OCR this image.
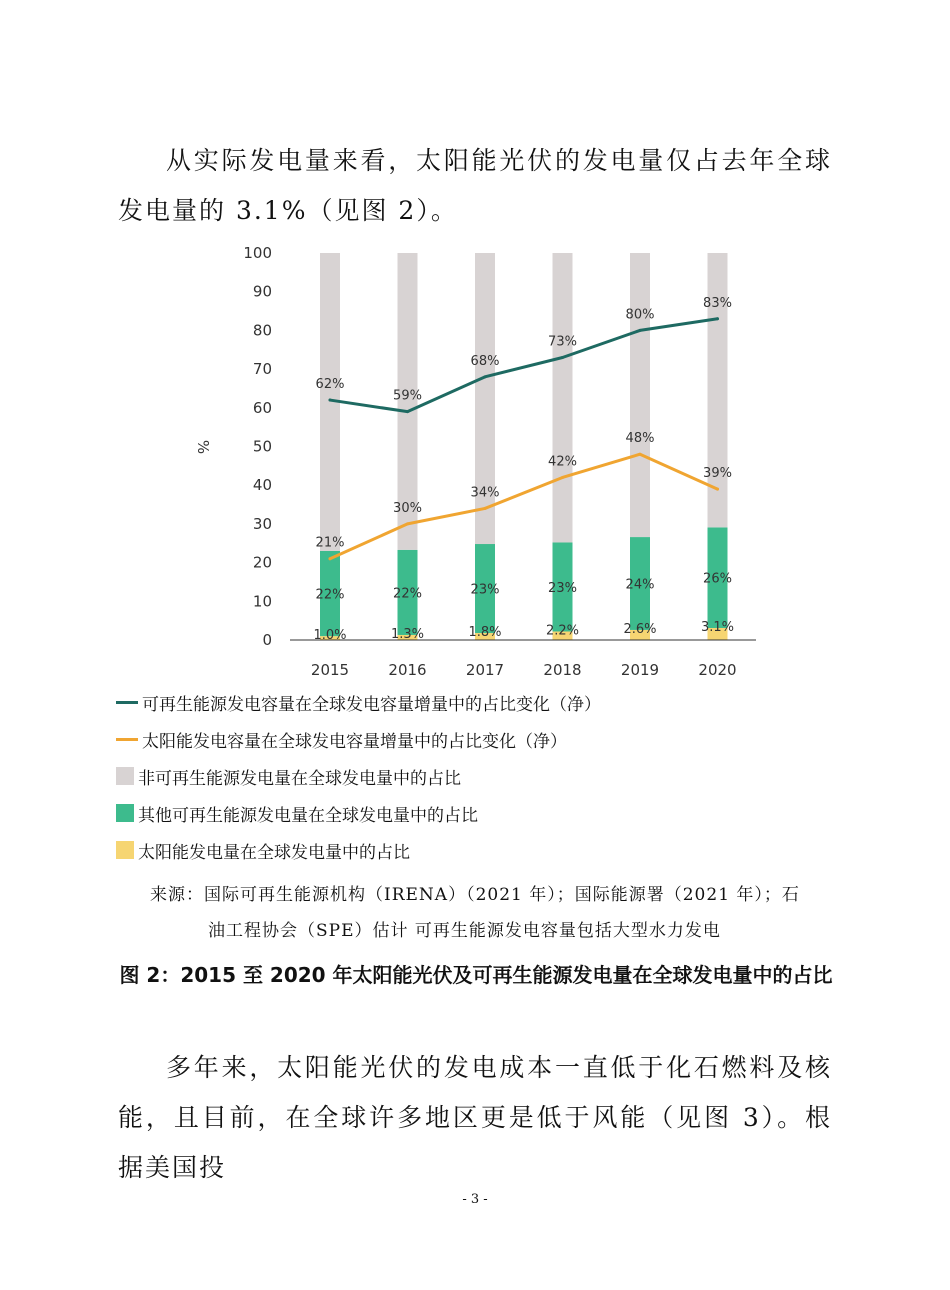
从实际发电量来看，太阳能光伏的发电量仅占去年全球发电量的 3.1%（见图 2）。

1.0%
22%
1.3%
22%
1.8%
23%
2.2%
23%
2.6%
24%
3.1%
26%
0
10
20
30
40
50
60
70
80
90
100
%
2015	2016	2017	2018	2019	2020
62%
59%
68%
73%
80%
83%
21%
30%
34%
42%
48%
39%
可再生能源发电容量在全球发电容量增量中的占比变化（净）
太阳能发电容量在全球发电容量增量中的占比变化（净）
非可再生能源发电量在全球发电量中的占比
其他可再生能源发电量在全球发电量中的占比
太阳能发电量在全球发电量中的占比
来源：国际可再生能源机构（IRENA）（2021 年）；国际能源署（2021 年）；石
油工程协会（SPE）估计 可再生能源发电容量包括大型水力发电
图 2：2015 至 2020 年太阳能光伏及可再生能源发电量在全球发电量中的占比

多年来，太阳能光伏的发电成本一直低于化石燃料及核能，且目前，在全球许多地区更是低于风能（见图 3）。根据美国投

- 3 -
